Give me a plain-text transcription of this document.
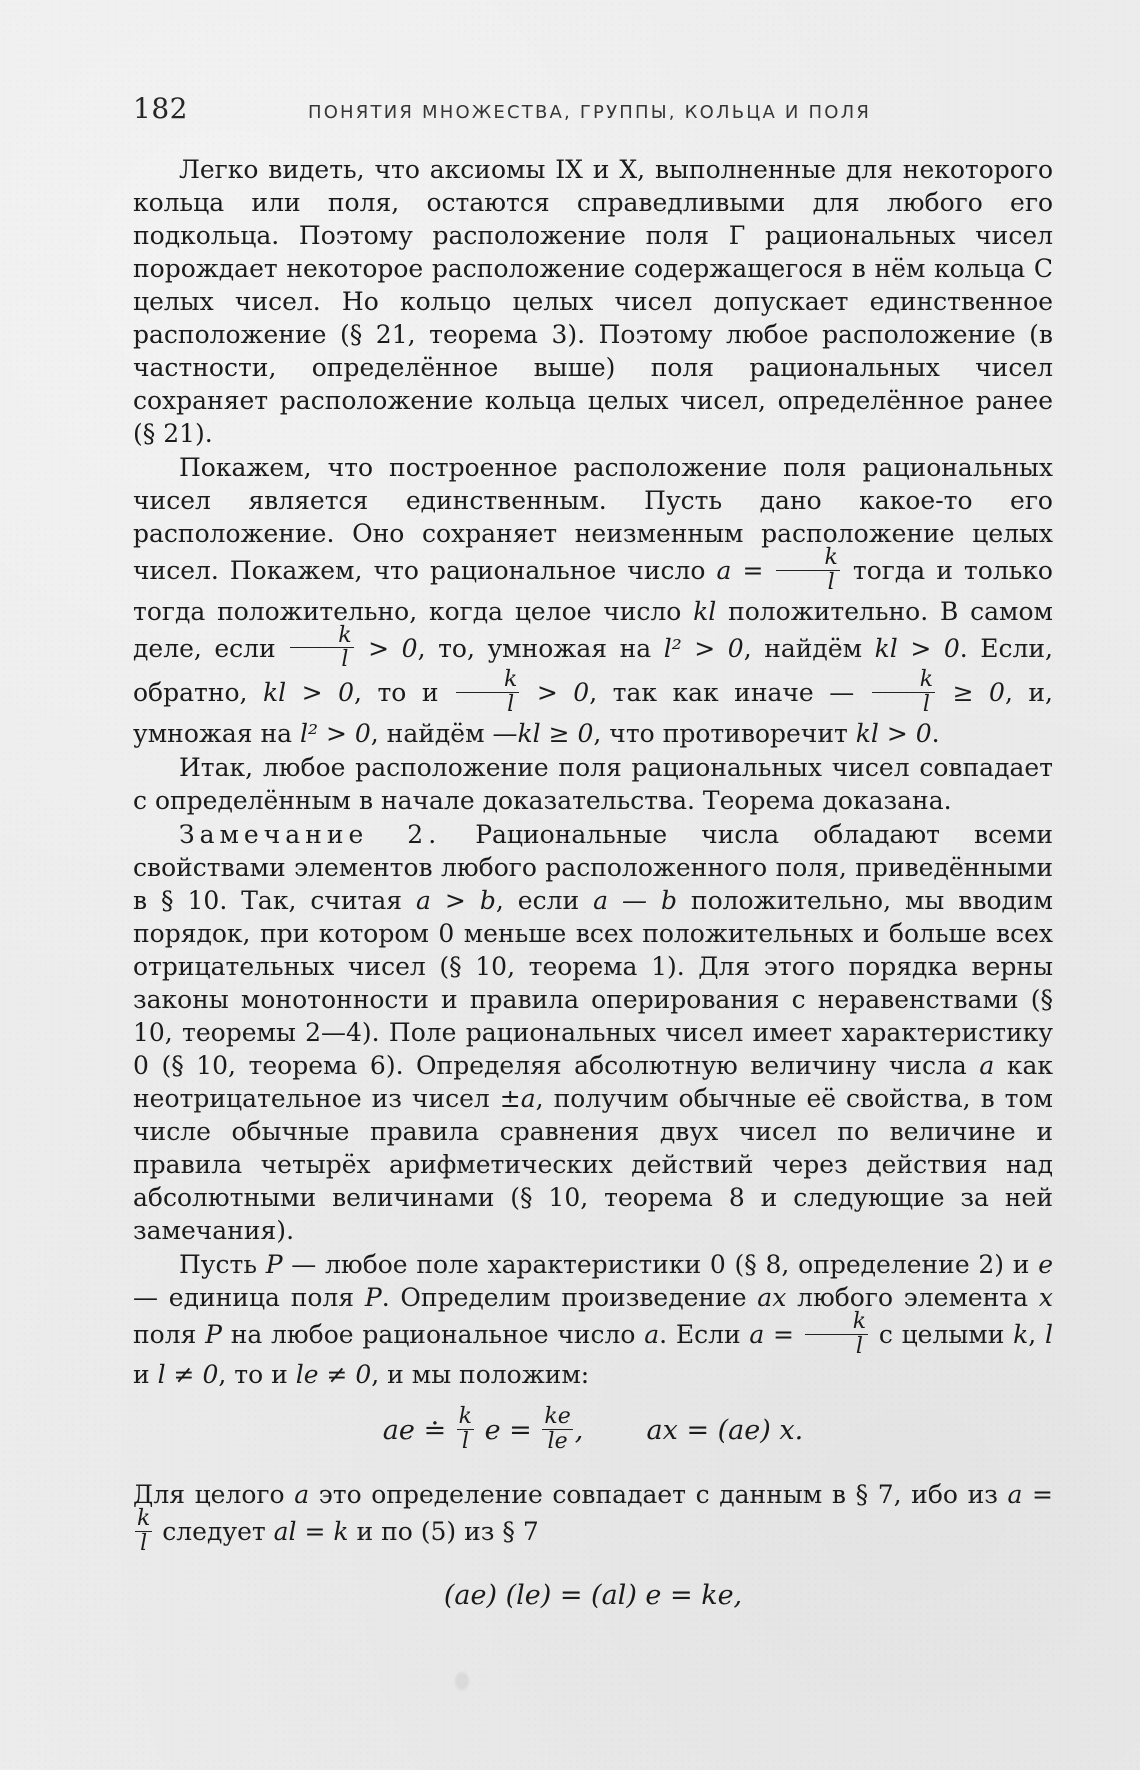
182	ПОНЯТИЯ МНОЖЕСТВА, ГРУППЫ, КОЛЬЦА И ПОЛЯ

Легко видеть, что аксиомы IX и X, выполненные для некоторого кольца или поля, остаются справедливыми для любого его подкольца. Поэтому расположение поля Г рациональных чисел порождает некоторое расположение содержащегося в нём кольца C целых чисел. Но кольцо целых чисел допускает единственное расположение (§ 21, теорема 3). Поэтому любое расположение (в частности, определённое выше) поля рациональных чисел сохраняет расположение кольца целых чисел, определённое ранее (§ 21).

Покажем, что построенное расположение поля рациональных чисел является единственным. Пусть дано какое-то его расположение. Оно сохраняет неизменным расположение целых чисел. Покажем, что рациональное число $a = \frac{k}{l}$ тогда и только тогда положительно, когда целое число kl положительно. В самом деле, если $\frac{k}{l} > 0$, то, умножая на l² > 0, найдём kl > 0. Если, обратно, kl > 0, то и $\frac{k}{l} > 0$, так как иначе — $\frac{k}{l} \ge 0$, и, умножая на l² > 0, найдём —kl ≥ 0, что противоречит kl > 0.

Итак, любое расположение поля рациональных чисел совпадает с определённым в начале доказательства. Теорема доказана.

Замечание 2. Рациональные числа обладают всеми свойствами элементов любого расположенного поля, приведёнными в § 10. Так, считая a > b, если a — b положительно, мы вводим порядок, при котором 0 меньше всех положительных и больше всех отрицательных чисел (§ 10, теорема 1). Для этого порядка верны законы монотонности и правила оперирования с неравенствами (§ 10, теоремы 2—4). Поле рациональных чисел имеет характеристику 0 (§ 10, теорема 6). Определяя абсолютную величину числа a как неотрицательное из чисел ±a, получим обычные её свойства, в том числе обычные правила сравнения двух чисел по величине и правила четырёх арифметических действий через действия над абсолютными величинами (§ 10, теорема 8 и следующие за ней замечания).

Пусть P — любое поле характеристики 0 (§ 8, определение 2) и e — единица поля P. Определим произведение ax любого элемента x поля P на любое рациональное число a. Если $a = \frac{k}{l}$ с целыми k, l и l ≠ 0, то и le ≠ 0, и мы положим:

ae ≐ $\frac{k}{l}$ $e = \frac{ke}{le}$ , ax = (ae) x.

Для целого a это определение совпадает с данным в § 7, ибо из a =
$\frac{k}{l}$ следует al = k и по (5) из § 7

(ae) (le) = (al) e = ke,
